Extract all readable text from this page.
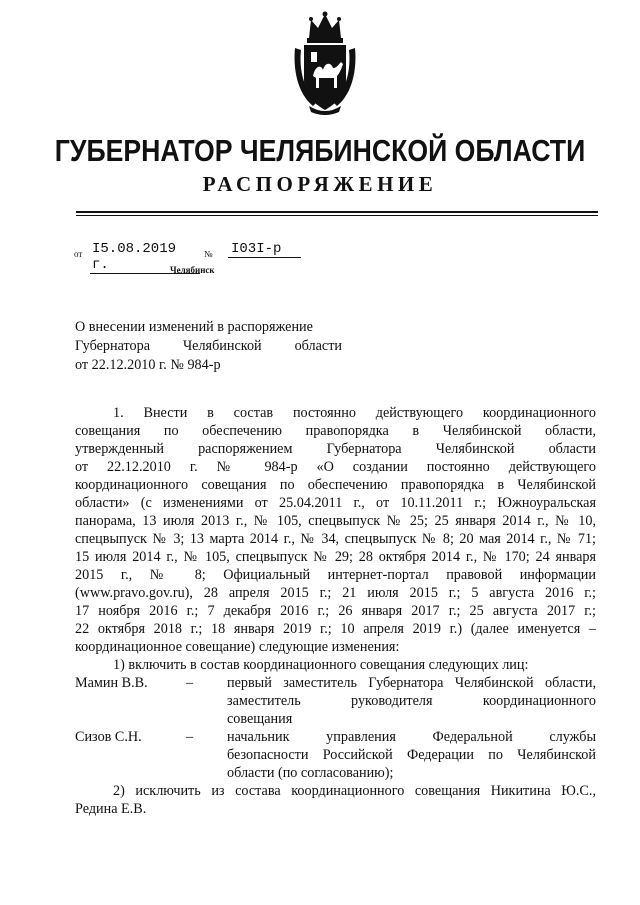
ГУБЕРНАТОР ЧЕЛЯБИНСКОЙ ОБЛАСТИ
РАСПОРЯЖЕНИЕ
от I5.08.2019 г.
№ I03I-р
Челябинск
О внесении изменений в распоряжение
Губернатора Челябинской области
от 22.12.2010 г. № 984-р
1. Внести в состав постоянно действующего координационного
совещания по обеспечению правопорядка в Челябинской области,
утвержденный распоряжением Губернатора Челябинской области
от 22.12.2010 г. № 984-р «О создании постоянно действующего
координационного совещания по обеспечению правопорядка в Челябинской
области» (с изменениями от 25.04.2011 г., от 10.11.2011 г.; Южноуральская
панорама, 13 июля 2013 г., № 105, спецвыпуск № 25; 25 января 2014 г., № 10,
спецвыпуск № 3; 13 марта 2014 г., № 34, спецвыпуск № 8; 20 мая 2014 г., № 71;
15 июля 2014 г., № 105, спецвыпуск № 29; 28 октября 2014 г., № 170; 24 января
2015 г., № 8; Официальный интернет-портал правовой информации
(www.pravo.gov.ru), 28 апреля 2015 г.; 21 июля 2015 г.; 5 августа 2016 г.;
17 ноября 2016 г.; 7 декабря 2016 г.; 26 января 2017 г.; 25 августа 2017 г.;
22 октября 2018 г.; 18 января 2019 г.; 10 апреля 2019 г.) (далее именуется –
координационное совещание) следующие изменения:
1) включить в состав координационного совещания следующих лиц:
Мамин В.В.	– первый заместитель Губернатора Челябинской области,
заместитель руководителя координационного
совещания
Сизов С.Н.	– начальник управления Федеральной службы
безопасности Российской Федерации по Челябинской
области (по согласованию);
2) исключить из состава координационного совещания Никитина Ю.С.,
Редина Е.В.
